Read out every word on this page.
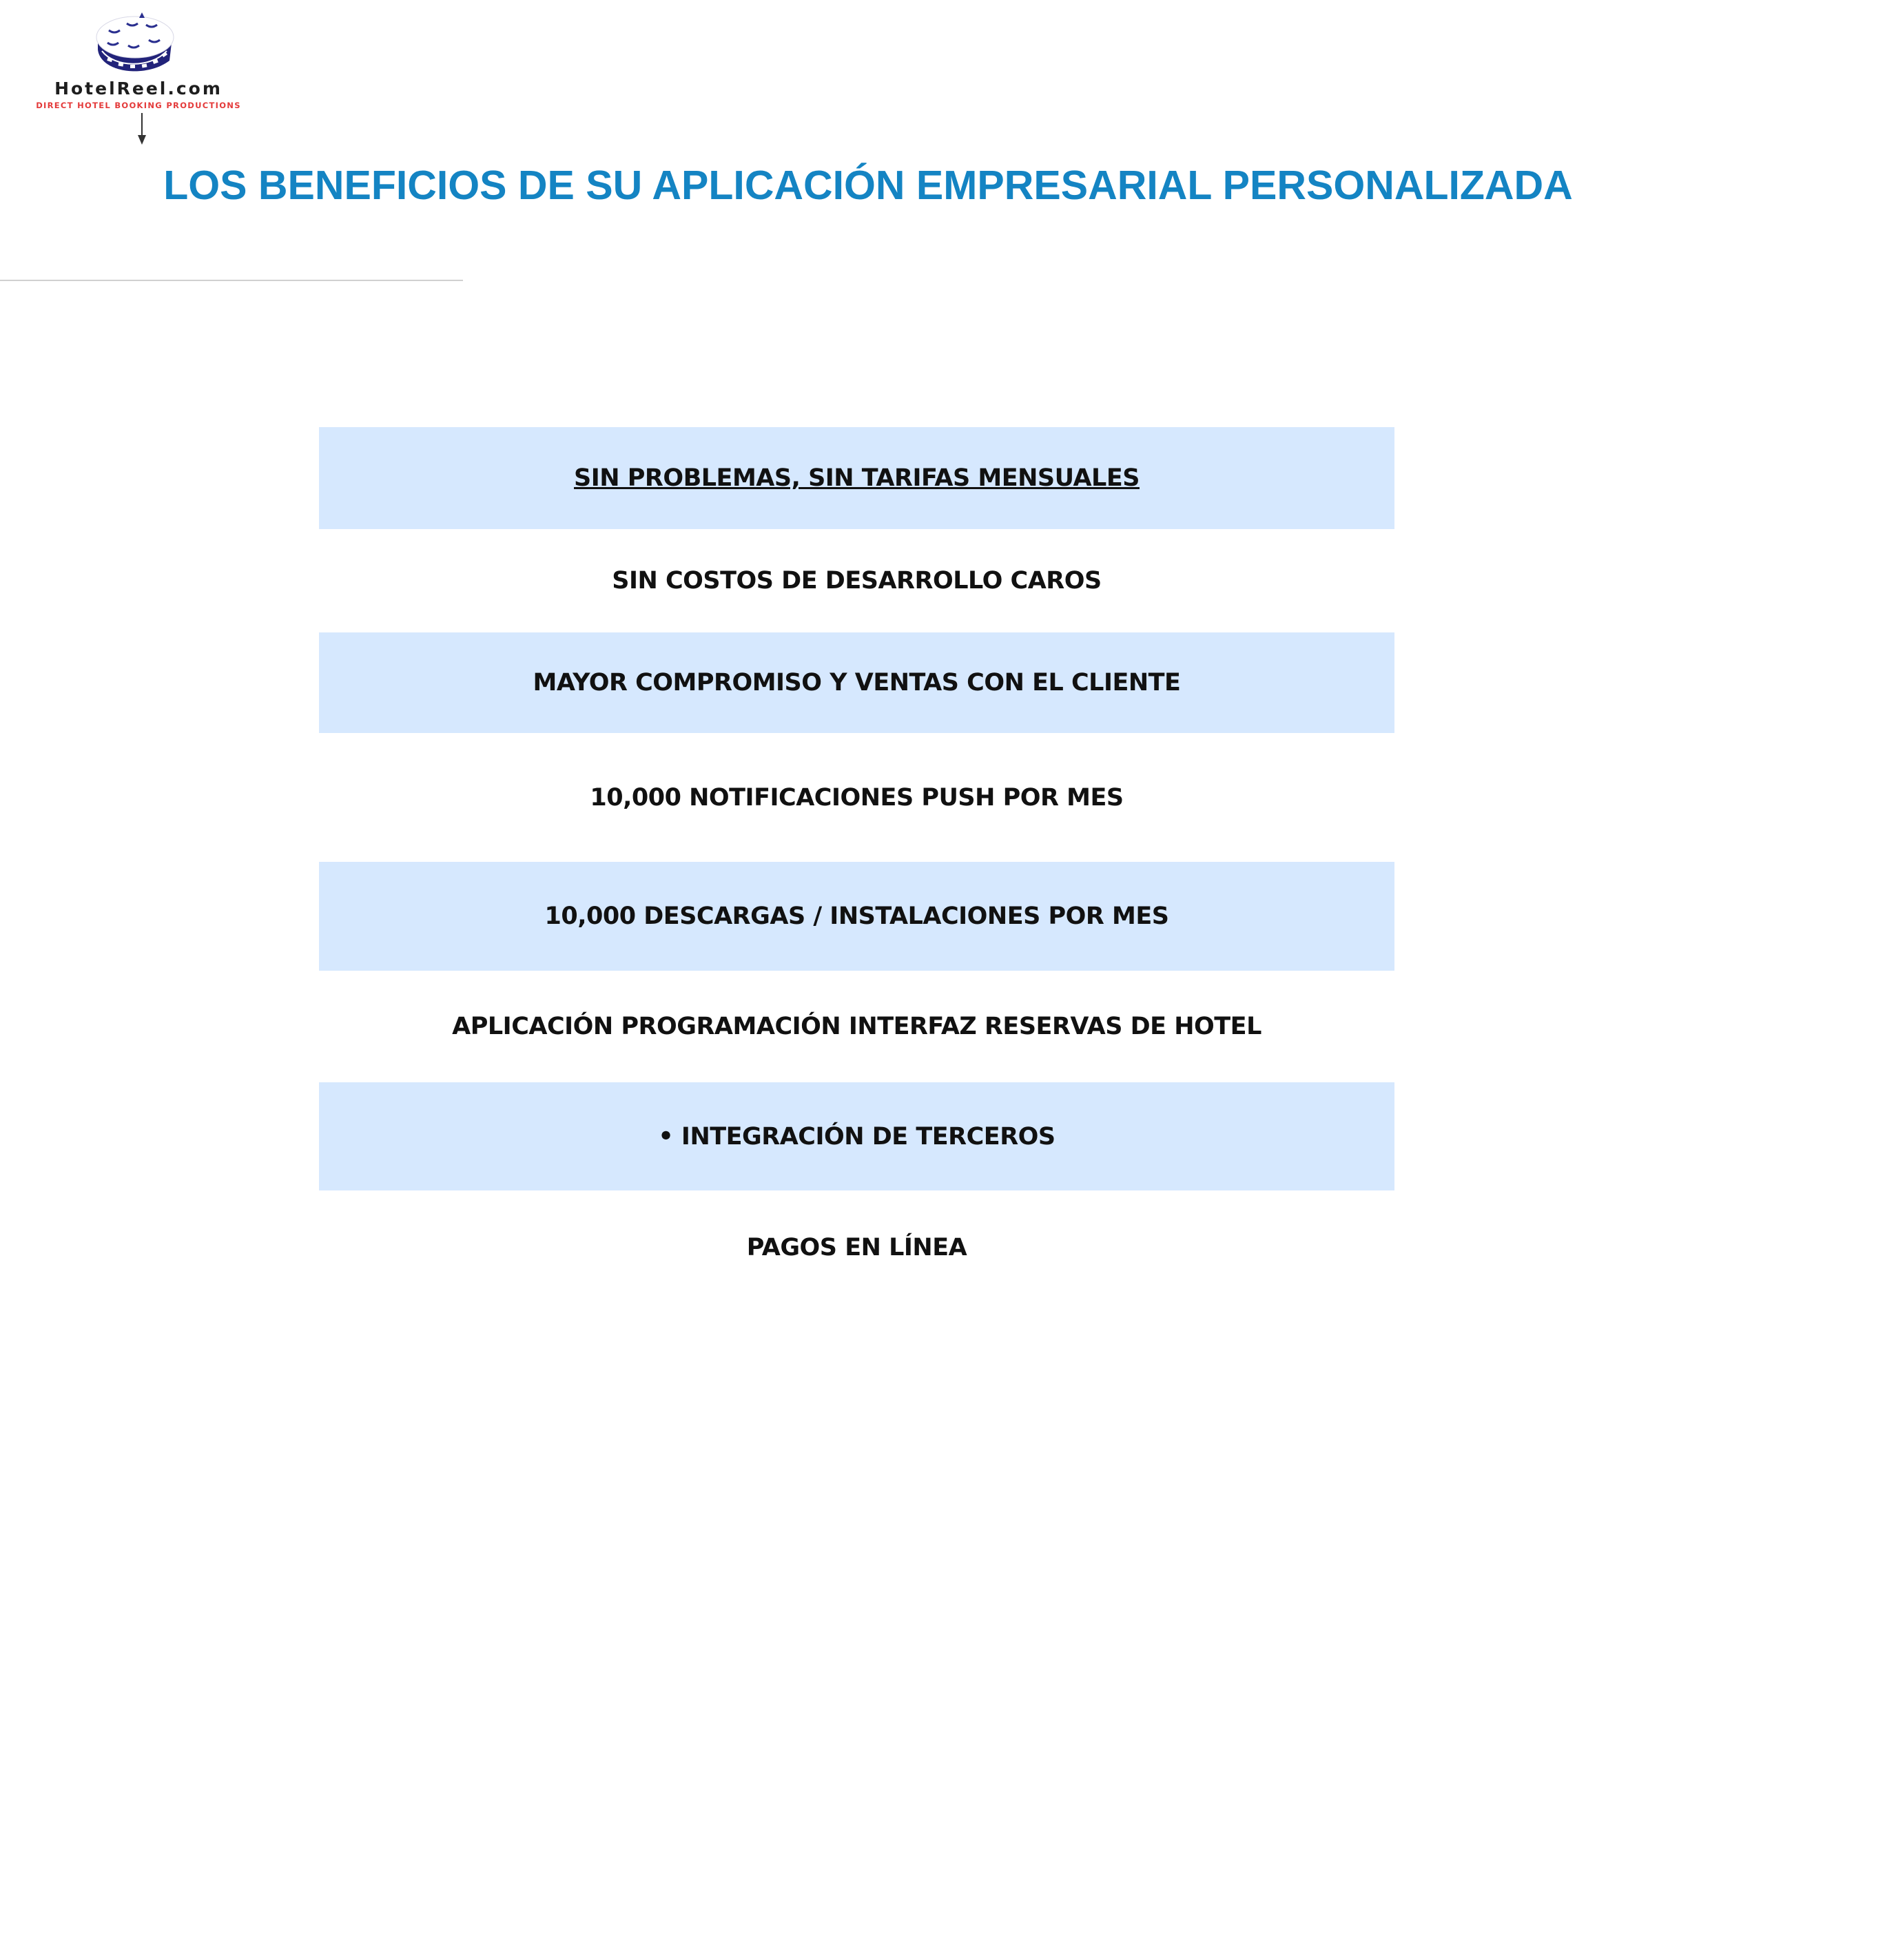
HotelReel.com
DIRECT HOTEL BOOKING PRODUCTIONS
LOS BENEFICIOS DE SU APLICACIÓN EMPRESARIAL PERSONALIZADA
SIN PROBLEMAS, SIN TARIFAS MENSUALES
SIN COSTOS DE DESARROLLO CAROS
MAYOR COMPROMISO Y VENTAS CON EL CLIENTE
10,000 NOTIFICACIONES PUSH POR MES
10,000 DESCARGAS / INSTALACIONES POR MES
APLICACIÓN PROGRAMACIÓN INTERFAZ RESERVAS DE HOTEL
• INTEGRACIÓN DE TERCEROS
PAGOS EN LÍNEA
